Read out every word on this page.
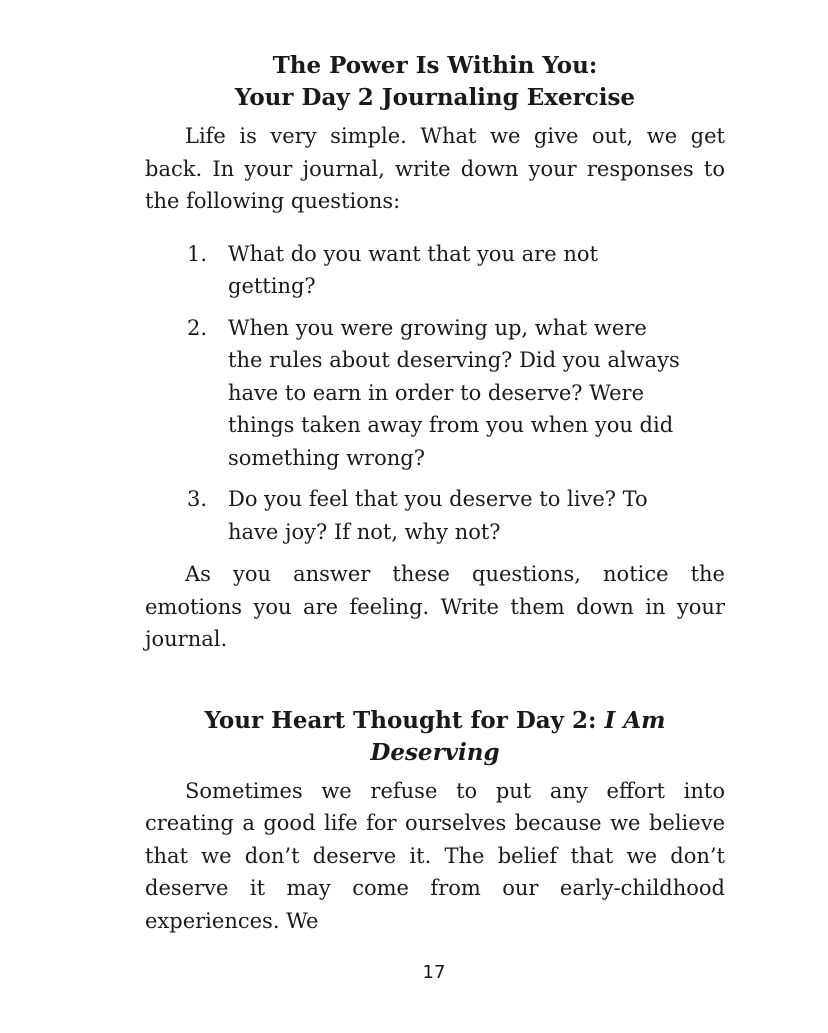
The Power Is Within You:
Your Day 2 Journaling Exercise

Life is very simple. What we give out, we get back. In your journal, write down your responses to the following questions:

1. What do you want that you are not getting?
2. When you were growing up, what were the rules about deserving? Did you always have to earn in order to deserve? Were things taken away from you when you did something wrong?
3. Do you feel that you deserve to live? To have joy? If not, why not?

As you answer these questions, notice the emotions you are feeling. Write them down in your journal.

Your Heart Thought for Day 2: I Am Deserving

Sometimes we refuse to put any effort into creating a good life for ourselves because we believe that we don’t deserve it. The belief that we don’t deserve it may come from our early-childhood experiences. We

17
